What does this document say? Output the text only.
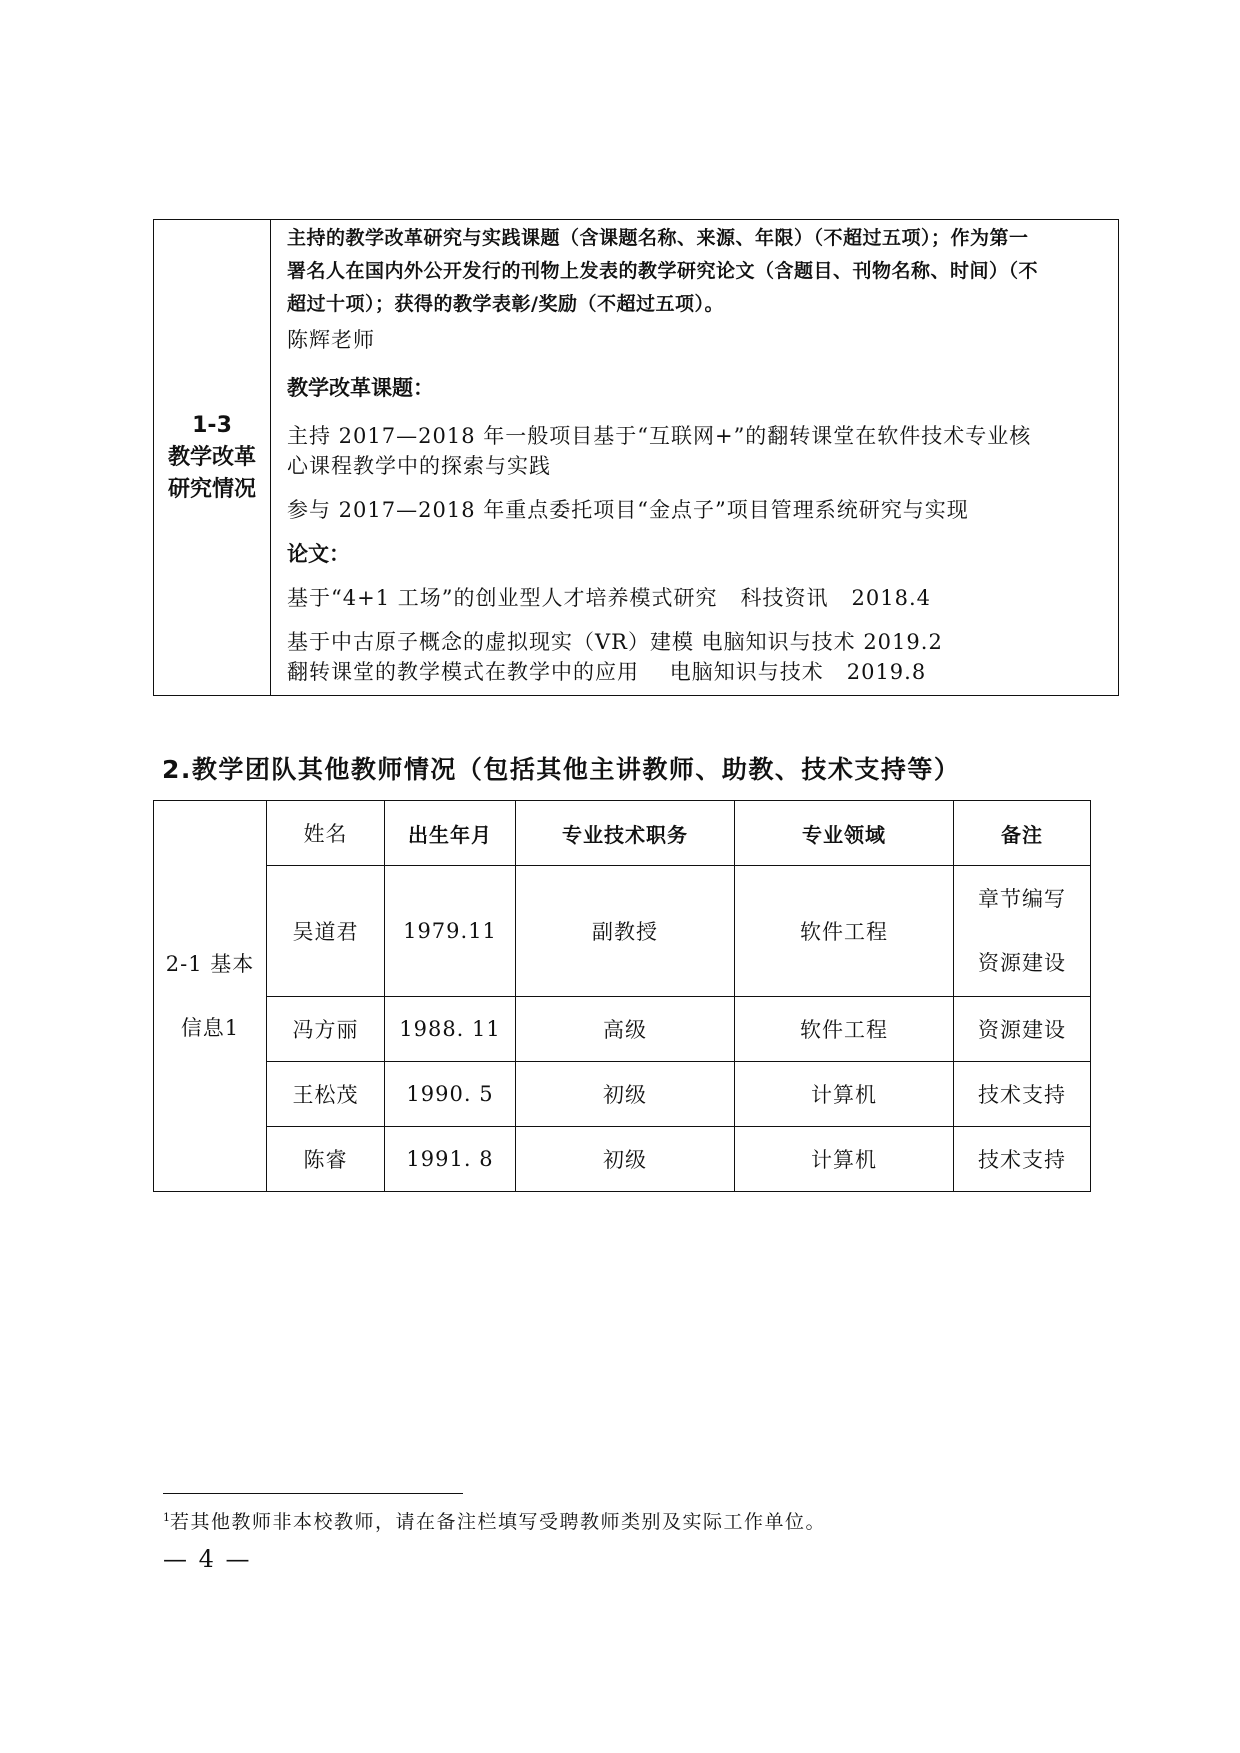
1-3
教学改革
研究情况

主持的教学改革研究与实践课题（含课题名称、来源、年限）（不超过五项）；作为第一

署名人在国内外公开发行的刊物上发表的教学研究论文（含题目、刊物名称、时间）（不

超过十项）；获得的教学表彰/奖励（不超过五项）。

陈辉老师

教学改革课题：

主持 2017—2018 年一般项目基于“互联网+”的翻转课堂在软件技术专业核

心课程教学中的探索与实践

参与 2017—2018 年重点委托项目“金点子”项目管理系统研究与实现

论文：

基于“4+1 工场”的创业型人才培养模式研究   科技资讯   2018.4

基于中古原子概念的虚拟现实（VR）建模 电脑知识与技术 2019.2

翻转课堂的教学模式在教学中的应用    电脑知识与技术   2019.8

2.教学团队其他教师情况（包括其他主讲教师、助教、技术支持等）

2-1 基本
信息1	姓名	出生年月	专业技术职务	专业领域	备注
	吴道君	1979.11	副教授	软件工程	章节编写
资源建设

	冯方丽	1988. 11	高级	软件工程	资源建设
	王松茂	1990. 5	初级	计算机	技术支持
	陈睿	1991. 8	初级	计算机	技术支持

$^1$若其他教师非本校教师，请在备注栏填写受聘教师类别及实际工作单位。

— 4 —
